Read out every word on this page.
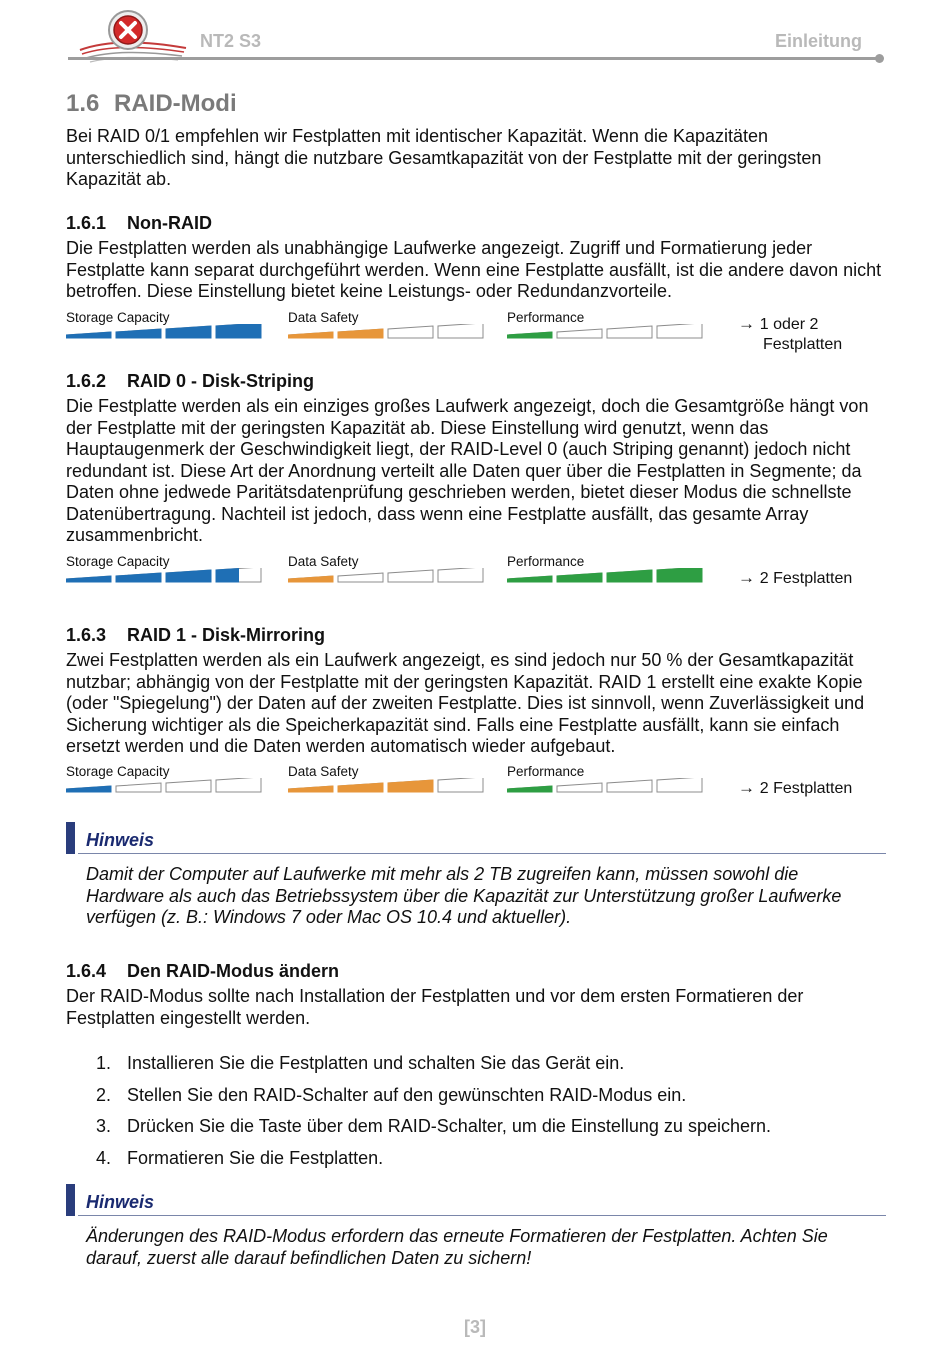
NT2 S3	Einleitung
1.6 RAID-Modi
Bei RAID 0/1 empfehlen wir Festplatten mit identischer Kapazität. Wenn die Kapazitäten unterschiedlich sind, hängt die nutzbare Gesamtkapazität von der Festplatte mit der geringsten Kapazität ab.
1.6.1 Non-RAID
Die Festplatten werden als unabhängige Laufwerke angezeigt. Zugriff und Formatierung jeder Festplatte kann separat durchgeführt werden. Wenn eine Festplatte ausfällt, ist die andere davon nicht betroffen. Diese Einstellung bietet keine Leistungs- oder Redundanzvorteile.
Storage Capacity	Data Safety	Performance	→ 1 oder 2
Festplatten
1.6.2 RAID 0 - Disk-Striping
Die Festplatte werden als ein einziges großes Laufwerk angezeigt, doch die Gesamtgröße hängt von der Festplatte mit der geringsten Kapazität ab. Diese Einstellung wird genutzt, wenn das Hauptaugenmerk der Geschwindigkeit liegt, der RAID-Level 0 (auch Striping genannt) jedoch nicht redundant ist. Diese Art der Anordnung verteilt alle Daten quer über die Festplatten in Segmente; da Daten ohne jedwede Paritätsdatenprüfung geschrieben werden, bietet dieser Modus die schnellste Datenübertragung. Nachteil ist jedoch, dass wenn eine Festplatte ausfällt, das gesamte Array zusammenbricht.
Storage Capacity	Data Safety	Performance
→ 2 Festplatten
1.6.3 RAID 1 - Disk-Mirroring
Zwei Festplatten werden als ein Laufwerk angezeigt, es sind jedoch nur 50 % der Gesamtkapazität nutzbar; abhängig von der Festplatte mit der geringsten Kapazität. RAID 1 erstellt eine exakte Kopie (oder "Spiegelung") der Daten auf der zweiten Festplatte. Dies ist sinnvoll, wenn Zuverlässigkeit und Sicherung wichtiger als die Speicherkapazität sind. Falls eine Festplatte ausfällt, kann sie einfach ersetzt werden und die Daten werden automatisch wieder aufgebaut.
Storage Capacity	Data Safety	Performance
→ 2 Festplatten
Hinweis
Damit der Computer auf Laufwerke mit mehr als 2 TB zugreifen kann, müssen sowohl die Hardware als auch das Betriebssystem über die Kapazität zur Unterstützung großer Laufwerke verfügen (z. B.: Windows 7 oder Mac OS 10.4 und aktueller).
1.6.4 Den RAID-Modus ändern
Der RAID-Modus sollte nach Installation der Festplatten und vor dem ersten Formatieren der Festplatten eingestellt werden.
1. Installieren Sie die Festplatten und schalten Sie das Gerät ein.
2. Stellen Sie den RAID-Schalter auf den gewünschten RAID-Modus ein.
3. Drücken Sie die Taste über dem RAID-Schalter, um die Einstellung zu speichern.
4. Formatieren Sie die Festplatten.
Hinweis
Änderungen des RAID-Modus erfordern das erneute Formatieren der Festplatten. Achten Sie darauf, zuerst alle darauf befindlichen Daten zu sichern!
[3]
